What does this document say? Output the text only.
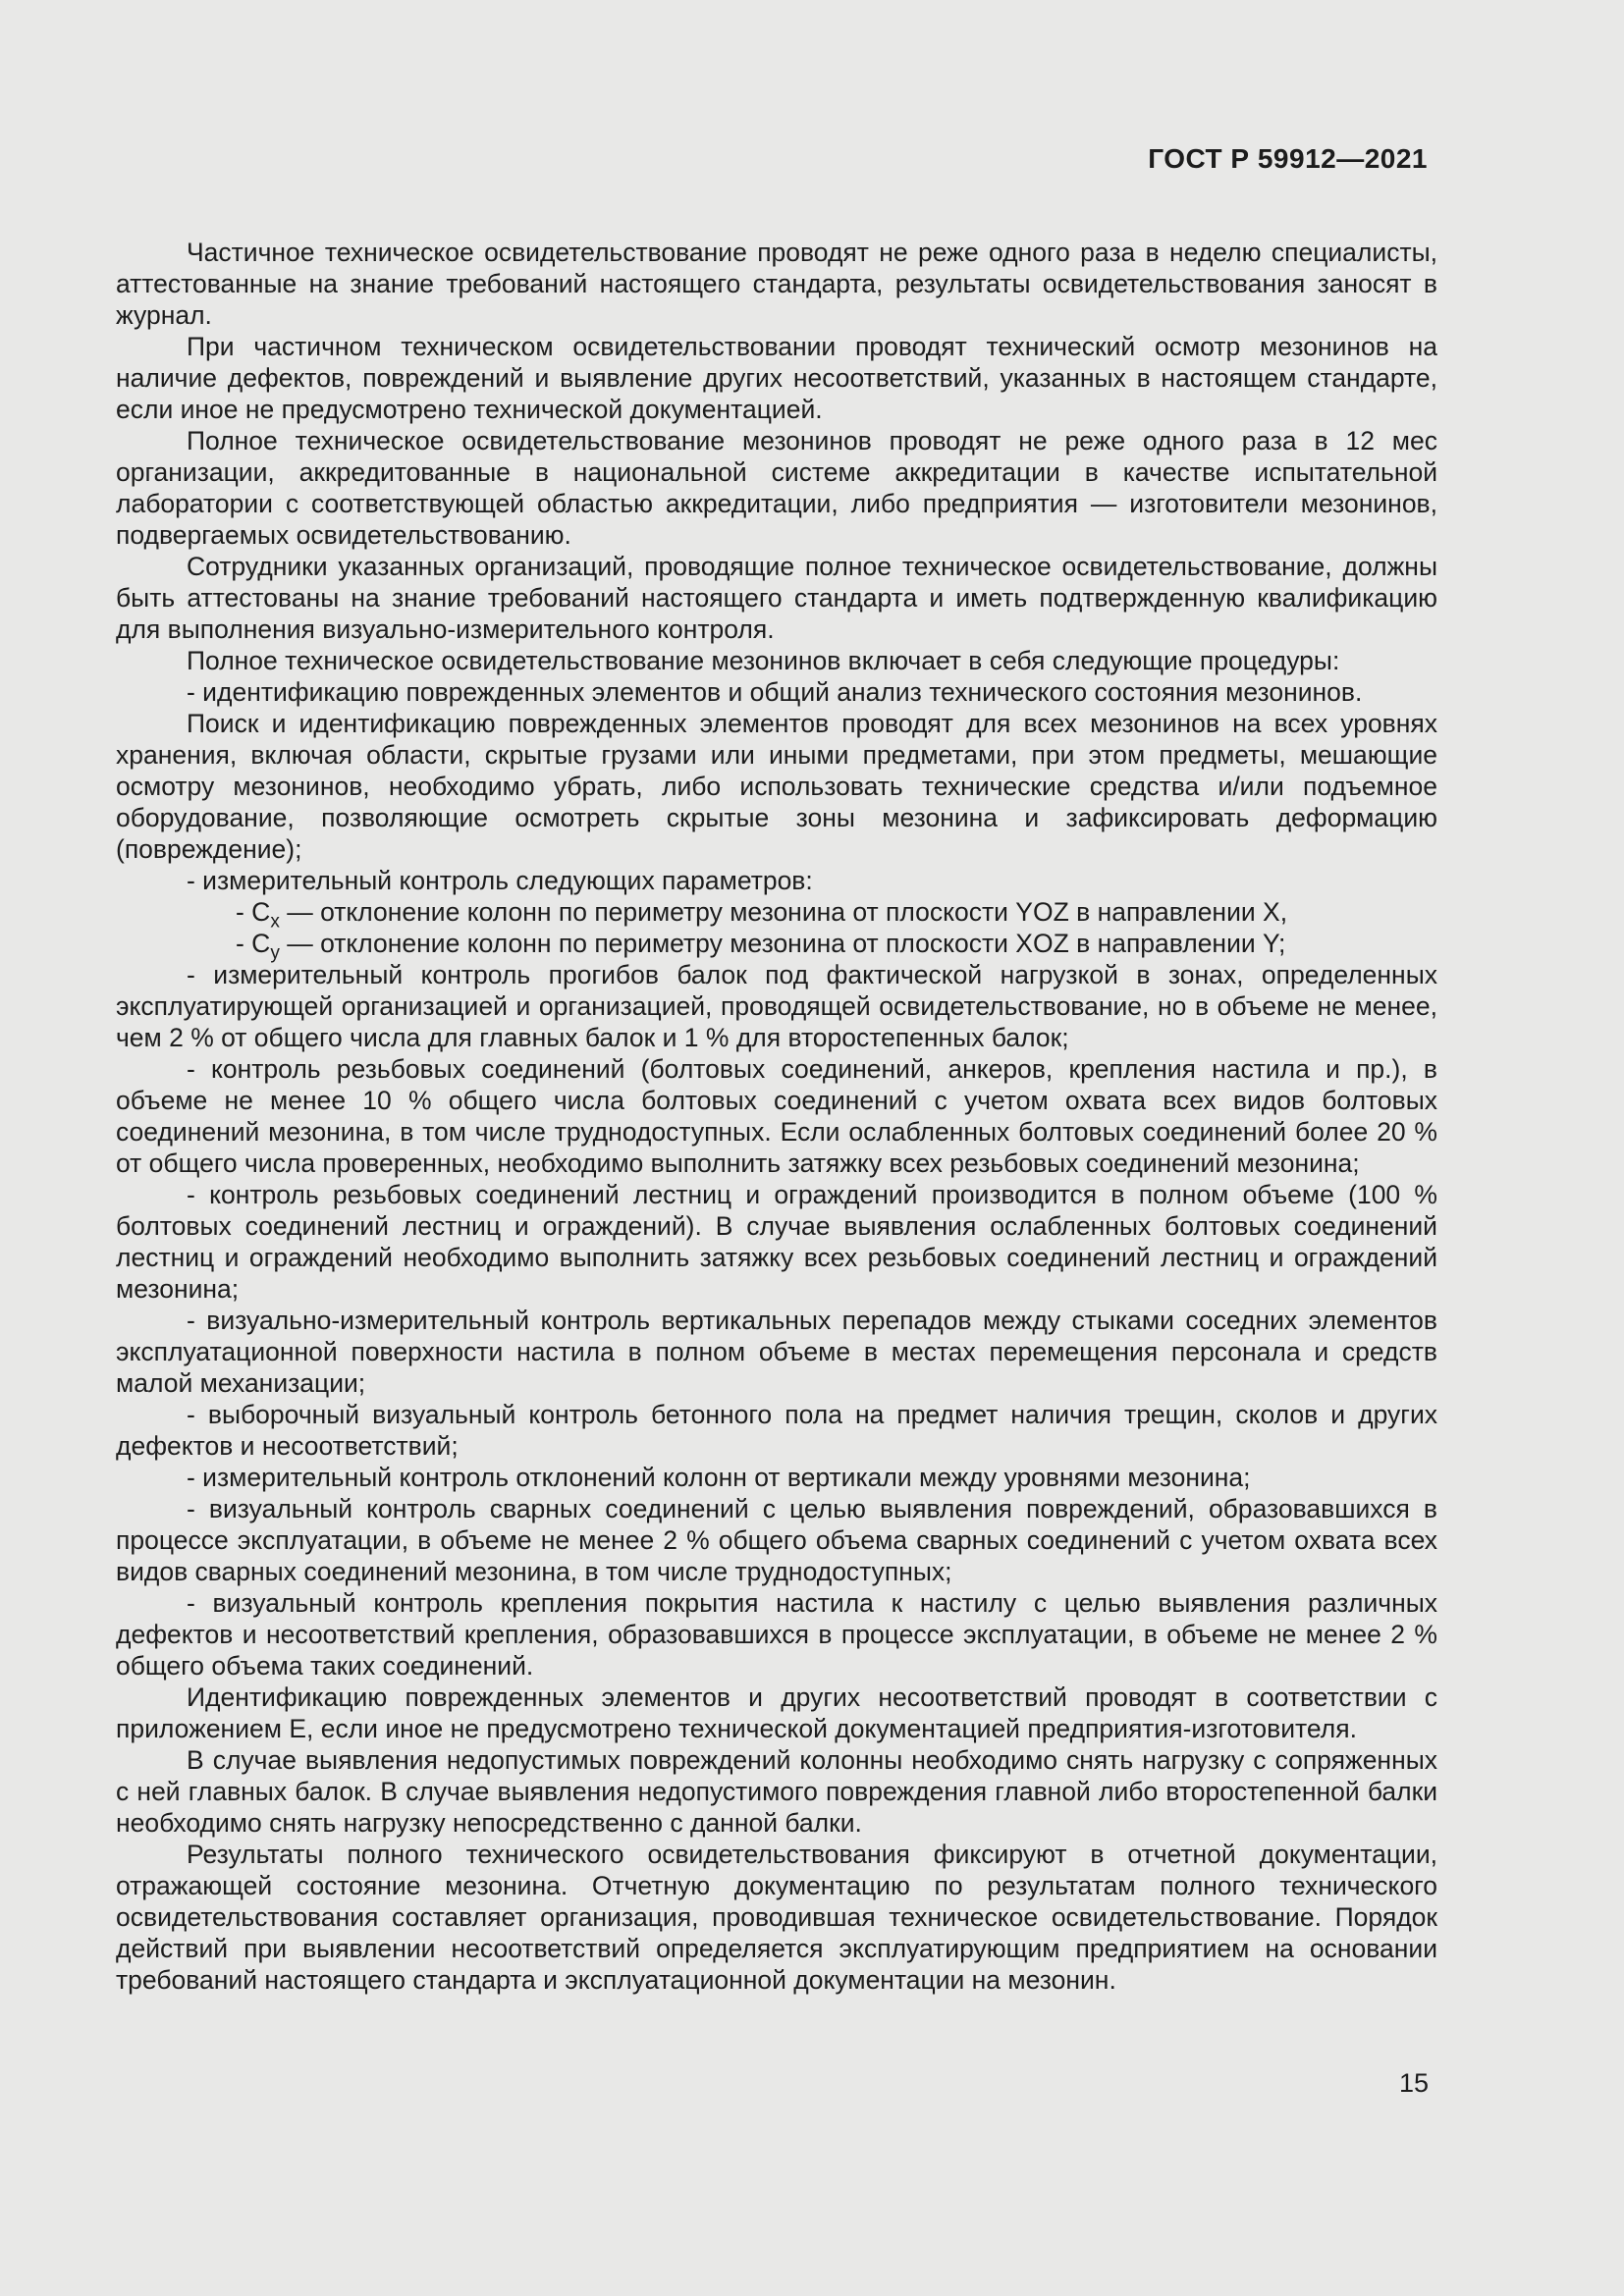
ГОСТ Р 59912—2021

Частичное техническое освидетельствование проводят не реже одного раза в неделю специалисты, аттестованные на знание требований настоящего стандарта, результаты освидетельствования заносят в журнал.

При частичном техническом освидетельствовании проводят технический осмотр мезонинов на наличие дефектов, повреждений и выявление других несоответствий, указанных в настоящем стандарте, если иное не предусмотрено технической документацией.

Полное техническое освидетельствование мезонинов проводят не реже одного раза в 12 мес организации, аккредитованные в национальной системе аккредитации в качестве испытательной лаборатории с соответствующей областью аккредитации, либо предприятия — изготовители мезонинов, подвергаемых освидетельствованию.

Сотрудники указанных организаций, проводящие полное техническое освидетельствование, должны быть аттестованы на знание требований настоящего стандарта и иметь подтвержденную квалификацию для выполнения визуально-измерительного контроля.

Полное техническое освидетельствование мезонинов включает в себя следующие процедуры:

- идентификацию поврежденных элементов и общий анализ технического состояния мезонинов.

Поиск и идентификацию поврежденных элементов проводят для всех мезонинов на всех уровнях хранения, включая области, скрытые грузами или иными предметами, при этом предметы, мешающие осмотру мезонинов, необходимо убрать, либо использовать технические средства и/или подъемное оборудование, позволяющие осмотреть скрытые зоны мезонина и зафиксировать деформацию (повреждение);

- измерительный контроль следующих параметров:

- $C_x$ — отклонение колонн по периметру мезонина от плоскости YOZ в направлении X,

- $C_y$ — отклонение колонн по периметру мезонина от плоскости XOZ в направлении Y;

- измерительный контроль прогибов балок под фактической нагрузкой в зонах, определенных эксплуатирующей организацией и организацией, проводящей освидетельствование, но в объеме не менее, чем 2 % от общего числа для главных балок и 1 % для второстепенных балок;

- контроль резьбовых соединений (болтовых соединений, анкеров, крепления настила и пр.), в объеме не менее 10 % общего числа болтовых соединений с учетом охвата всех видов болтовых соединений мезонина, в том числе труднодоступных. Если ослабленных болтовых соединений более 20 % от общего числа проверенных, необходимо выполнить затяжку всех резьбовых соединений мезонина;

- контроль резьбовых соединений лестниц и ограждений производится в полном объеме (100 % болтовых соединений лестниц и ограждений). В случае выявления ослабленных болтовых соединений лестниц и ограждений необходимо выполнить затяжку всех резьбовых соединений лестниц и ограждений мезонина;

- визуально-измерительный контроль вертикальных перепадов между стыками соседних элементов эксплуатационной поверхности настила в полном объеме в местах перемещения персонала и средств малой механизации;

- выборочный визуальный контроль бетонного пола на предмет наличия трещин, сколов и других дефектов и несоответствий;

- измерительный контроль отклонений колонн от вертикали между уровнями мезонина;

- визуальный контроль сварных соединений с целью выявления повреждений, образовавшихся в процессе эксплуатации, в объеме не менее 2 % общего объема сварных соединений с учетом охвата всех видов сварных соединений мезонина, в том числе труднодоступных;

- визуальный контроль крепления покрытия настила к настилу с целью выявления различных дефектов и несоответствий крепления, образовавшихся в процессе эксплуатации, в объеме не менее 2 % общего объема таких соединений.

Идентификацию поврежденных элементов и других несоответствий проводят в соответствии с приложением Е, если иное не предусмотрено технической документацией предприятия-изготовителя.

В случае выявления недопустимых повреждений колонны необходимо снять нагрузку с сопряженных с ней главных балок. В случае выявления недопустимого повреждения главной либо второстепенной балки необходимо снять нагрузку непосредственно с данной балки.

Результаты полного технического освидетельствования фиксируют в отчетной документации, отражающей состояние мезонина. Отчетную документацию по результатам полного технического освидетельствования составляет организация, проводившая техническое освидетельствование. Порядок действий при выявлении несоответствий определяется эксплуатирующим предприятием на основании требований настоящего стандарта и эксплуатационной документации на мезонин.

15
